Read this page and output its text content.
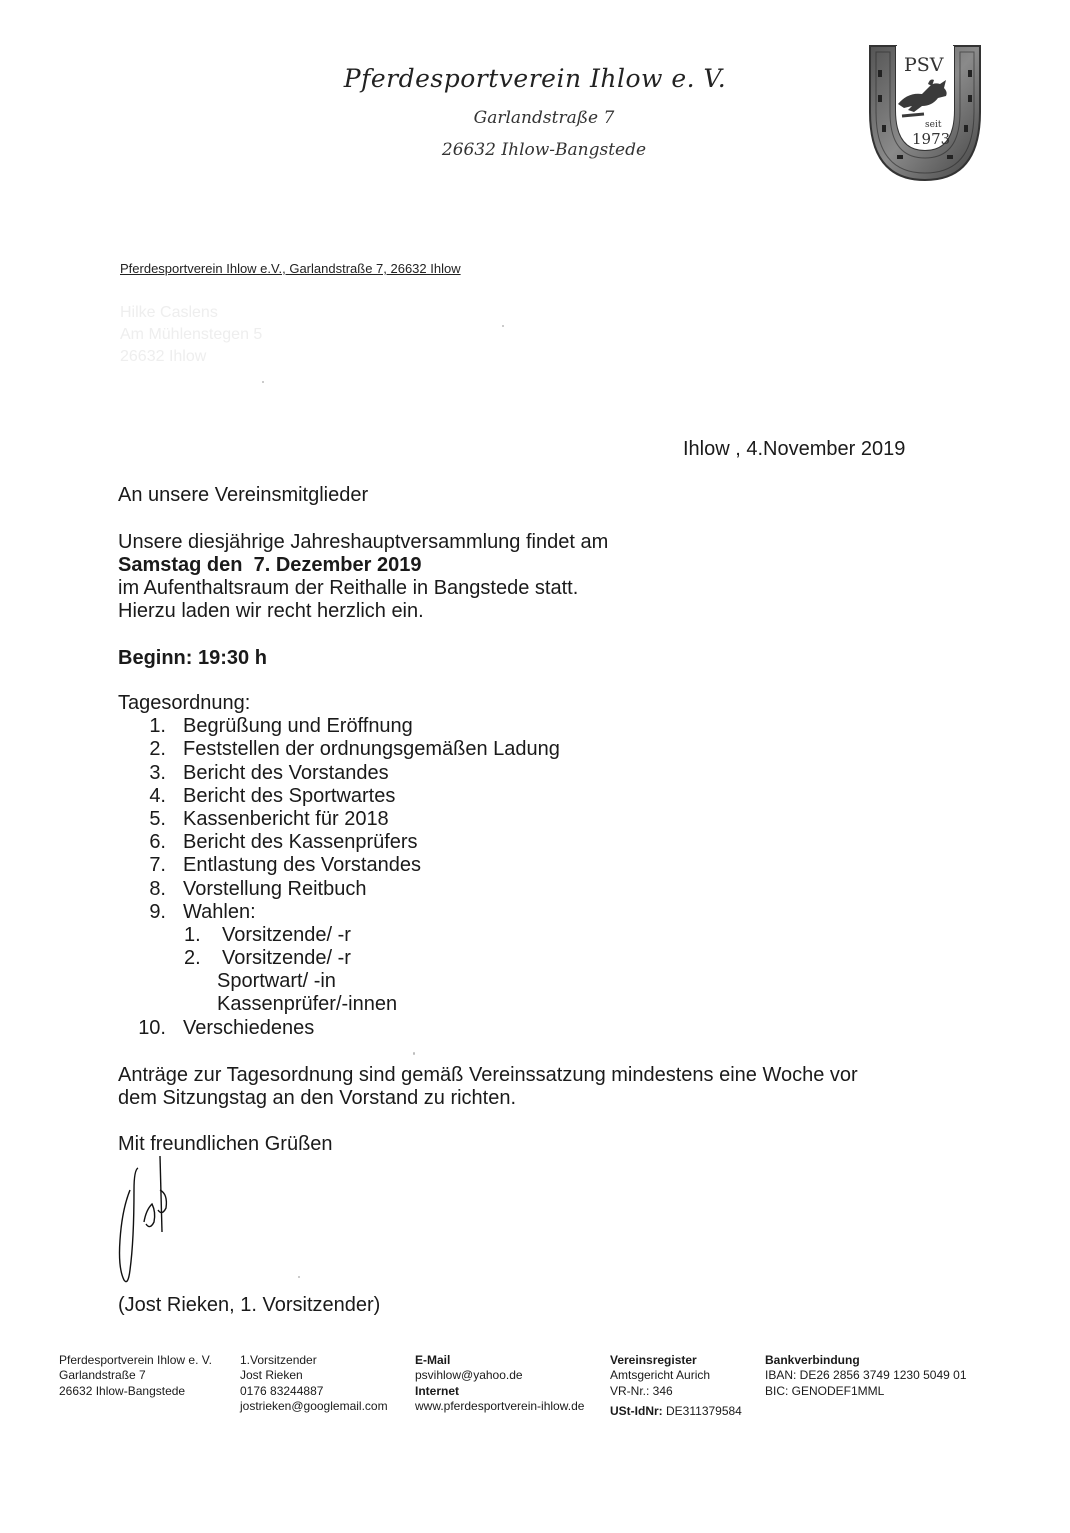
Pferdesportverein Ihlow e. V.
Garlandstraße 7
26632 Ihlow-Bangstede
PSV
seit
1973
Pferdesportverein Ihlow e.V., Garlandstraße 7, 26632 Ihlow
Hilke Caslens
Am Mühlenstegen 5
26632 Ihlow
Ihlow , 4.November 2019
An unsere Vereinsmitglieder
Unsere diesjährige Jahreshauptversammlung findet am
Samstag den  7. Dezember 2019
im Aufenthaltsraum der Reithalle in Bangstede statt.
Hierzu laden wir recht herzlich ein.
Beginn: 19:30 h
Tagesordnung:
1. Begrüßung und Eröffnung
2. Feststellen der ordnungsgemäßen Ladung
3. Bericht des Vorstandes
4. Bericht des Sportwartes
5. Kassenbericht für 2018
6. Bericht des Kassenprüfers
7. Entlastung des Vorstandes
8. Vorstellung Reitbuch
9. Wahlen:
1. Vorsitzende/ -r
2. Vorsitzende/ -r
Sportwart/ -in
Kassenprüfer/-innen
10. Verschiedenes
Anträge zur Tagesordnung sind gemäß Vereinssatzung mindestens eine Woche vor
dem Sitzungstag an den Vorstand zu richten.
Mit freundlichen Grüßen
(Jost Rieken, 1. Vorsitzender)
Pferdesportverein Ihlow e. V.
Garlandstraße 7
26632 Ihlow-Bangstede
1.Vorsitzender
Jost Rieken
0176 83244887
jostrieken@googlemail.com
E-Mail
psvihlow@yahoo.de
Internet
www.pferdesportverein-ihlow.de
Vereinsregister
Amtsgericht Aurich
VR-Nr.: 346
USt-IdNr: DE311379584
Bankverbindung
IBAN: DE26 2856 3749 1230 5049 01
BIC: GENODEF1MML
